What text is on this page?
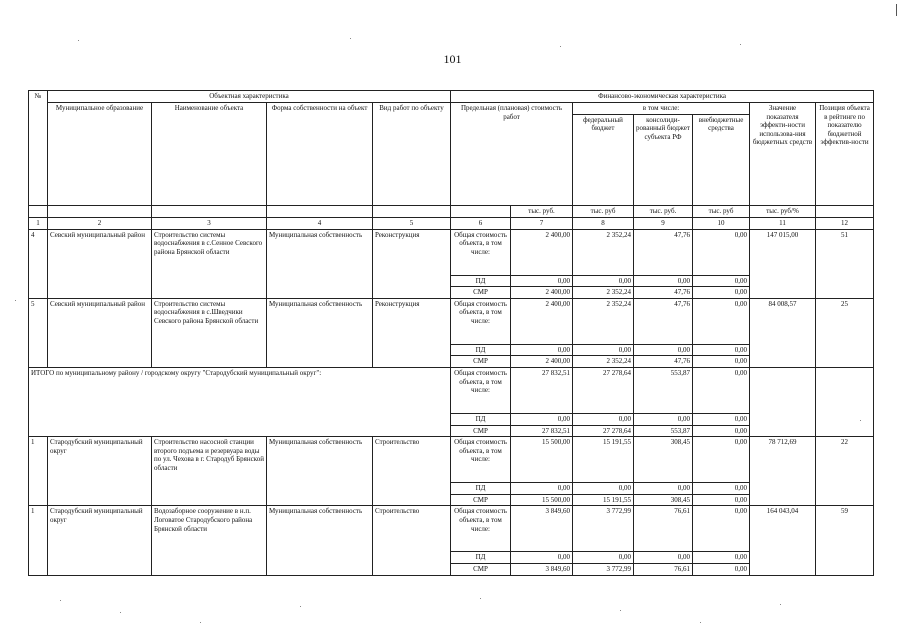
101
№	Объектная характеристика				Финансово-экономическая характеристика						
	Муниципальное образование	Наименование объекта	Форма собственности на объект	Вид работ по объекту	Предельная (плановая) стоимость работ		в том числе:			Значение показателя эффекти-ности использова-ния бюджетных средств	Позиция объекта в рейтинге по показателю бюджетной эффектив-ности
							федеральный бюджет	консолиди-рованный бюджет субъекта РФ	внебюджетные средства		
						тыс. руб.	тыс. руб	тыс. руб.	тыс. руб	тыс. руб/%	
1	2	3	4	5	6	7	8	9	10	11	12
4	Севский муниципальный район	Строительство системы водоснабжения в с.Сенное Севского района Брянской области	Муниципальная собственность	Реконструкция	Общая стоимость объекта, в том числе:	2 400,00	2 352,24	47,76	0,00	147 015,00	51
					ПД	0,00	0,00	0,00	0,00		
					СМР	2 400,00	2 352,24	47,76	0,00		
5	Севский муниципальный район	Строительство системы водоснабжения в с.Шведчики Севского района Брянской области	Муниципальная собственность	Реконструкция	Общая стоимость объекта, в том числе:	2 400,00	2 352,24	47,76	0,00	84 008,57	25
					ПД	0,00	0,00	0,00	0,00		
					СМР	2 400,00	2 352,24	47,76	0,00		
ИТОГО по муниципальному району / городскому округу "Стародубский муниципальный округ":					Общая стоимость объекта, в том числе:	27 832,51	27 278,64	553,87	0,00		
					ПД	0,00	0,00	0,00	0,00		
					СМР	27 832,51	27 278,64	553,87	0,00		
1	Стародубский муниципальный округ	Строительство насосной станции второго подъема и резервуара воды по ул. Чехова в г. Стародуб Брянской области	Муниципальная собственность	Строительство	Общая стоимость объекта, в том числе:	15 500,00	15 191,55	308,45	0,00	78 712,69	22
					ПД	0,00	0,00	0,00	0,00		
					СМР	15 500,00	15 191,55	308,45	0,00		
1	Стародубский муниципальный округ	Водозаборное сооружение в н.п. Логоватое Стародубского района Брянской области	Муниципальная собственность	Строительство	Общая стоимость объекта, в том числе:	3 849,60	3 772,99	76,61	0,00	164 043,04	59
					ПД	0,00	0,00	0,00	0,00		
					СМР	3 849,60	3 772,99	76,61	0,00		
